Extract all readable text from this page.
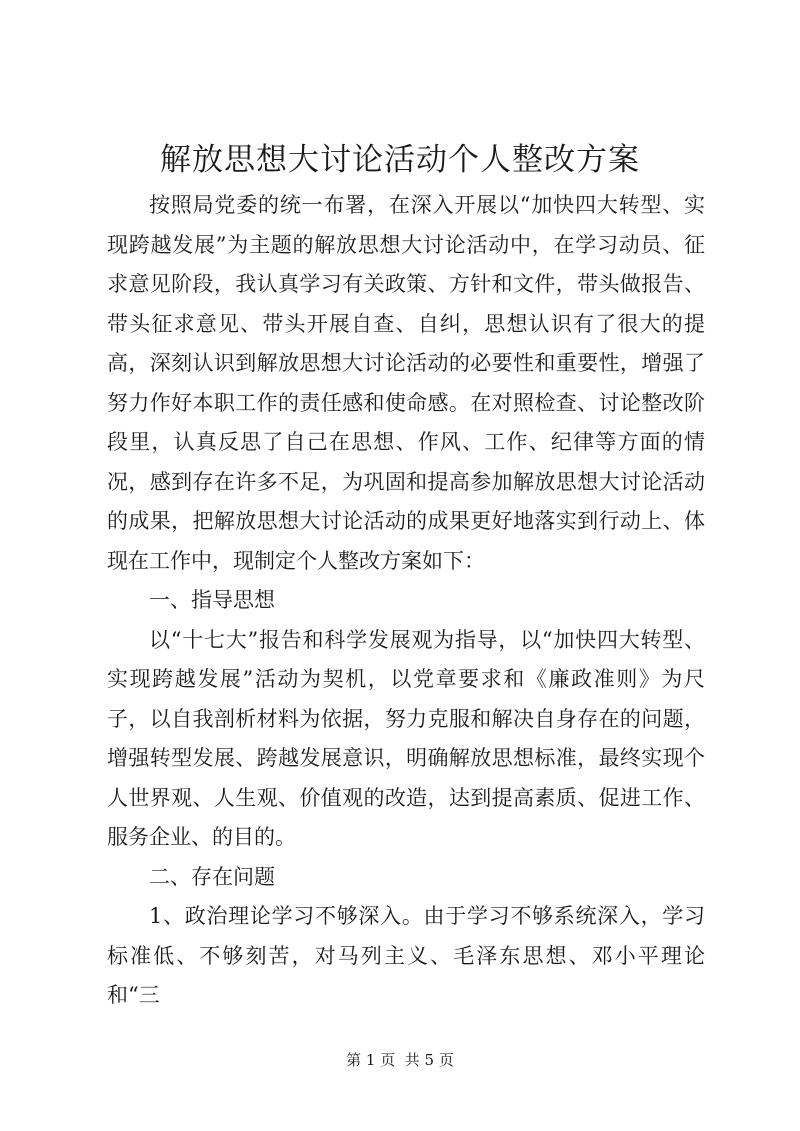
解放思想大讨论活动个人整改方案

按照局党委的统一布署，在深入开展以“加快四大转型、实现跨越发展”为主题的解放思想大讨论活动中，在学习动员、征求意见阶段，我认真学习有关政策、方针和文件，带头做报告、带头征求意见、带头开展自查、自纠，思想认识有了很大的提高，深刻认识到解放思想大讨论活动的必要性和重要性，增强了努力作好本职工作的责任感和使命感。在对照检查、讨论整改阶段里，认真反思了自己在思想、作风、工作、纪律等方面的情况，感到存在许多不足，为巩固和提高参加解放思想大讨论活动的成果，把解放思想大讨论活动的成果更好地落实到行动上、体现在工作中，现制定个人整改方案如下：

一、指导思想

以“十七大”报告和科学发展观为指导，以“加快四大转型、实现跨越发展”活动为契机，以党章要求和《廉政准则》为尺子，以自我剖析材料为依据，努力克服和解决自身存在的问题，增强转型发展、跨越发展意识，明确解放思想标准，最终实现个人世界观、人生观、价值观的改造，达到提高素质、促进工作、服务企业、的目的。

二、存在问题

1、政治理论学习不够深入。由于学习不够系统深入，学习标准低、不够刻苦，对马列主义、毛泽东思想、邓小平理论和“三

第 1 页  共 5 页
